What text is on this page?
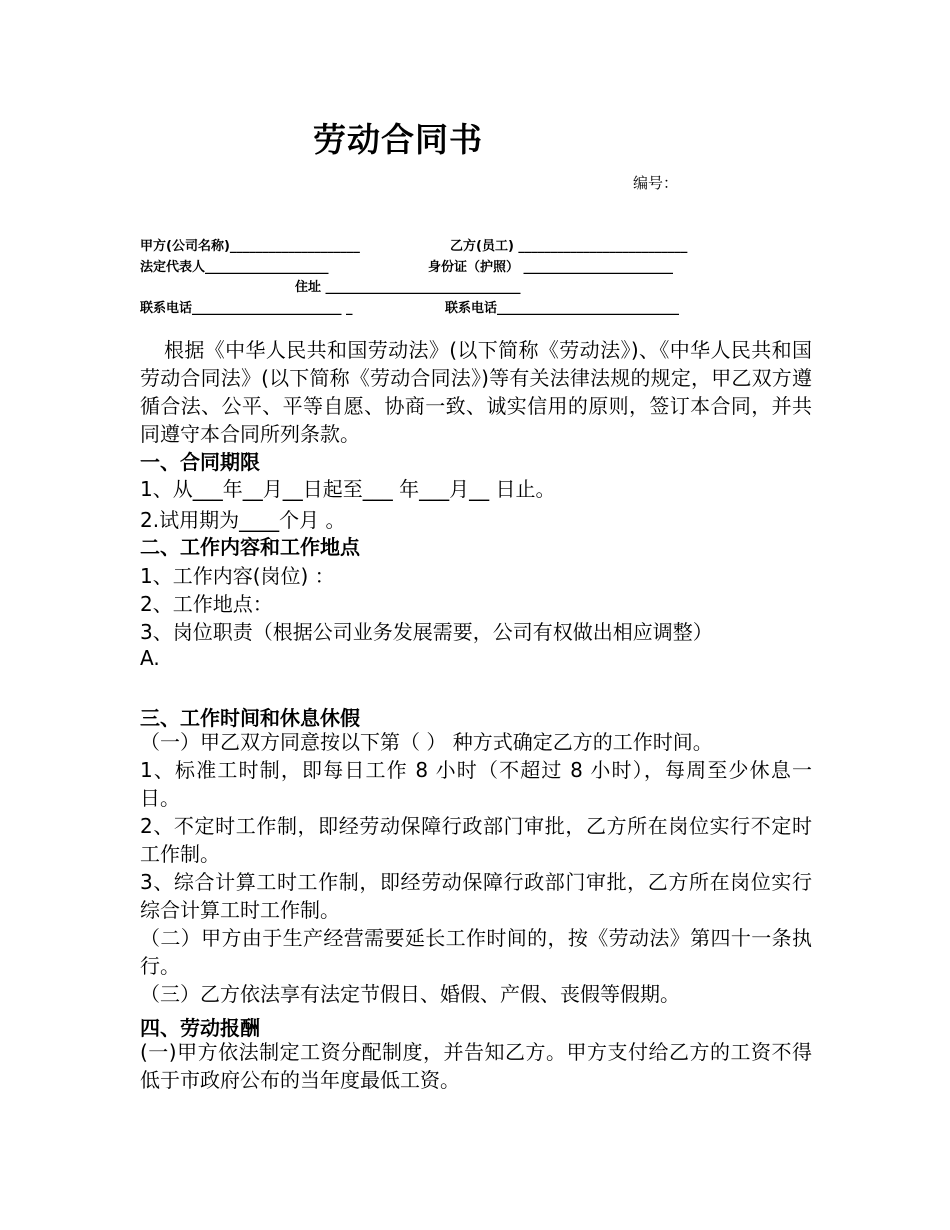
劳动合同书
编号：
甲方(公司名称)____________________	乙方(员工) __________________________
法定代表人___________________	身份证（护照） _______________________
住址 ______________________________
联系电话_______________________ _	联系电话____________________________

根据《中华人民共和国劳动法》(以下简称《劳动法》)、《中华人民共和国劳动合同法》(以下简称《劳动合同法》)等有关法律法规的规定，甲乙双方遵循合法、公平、平等自愿、协商一致、诚实信用的原则，签订本合同，并共同遵守本合同所列条款。

一、合同期限
1、从___年__月__日起至___ 年___月__ 日止。
2.试用期为____个月 。
二、工作内容和工作地点
1、工作内容(岗位) ：
2、工作地点：
3、岗位职责（根据公司业务发展需要，公司有权做出相应调整）
A.
三、工作时间和休息休假

（一）甲乙双方同意按以下第（ ） 种方式确定乙方的工作时间。

1、标准工时制，即每日工作 8 小时（不超过 8 小时），每周至少休息一日。

2、不定时工作制，即经劳动保障行政部门审批，乙方所在岗位实行不定时工作制。

3、综合计算工时工作制，即经劳动保障行政部门审批，乙方所在岗位实行综合计算工时工作制。

（二）甲方由于生产经营需要延长工作时间的，按《劳动法》第四十一条执行。

（三）乙方依法享有法定节假日、婚假、产假、丧假等假期。

四、劳动报酬

(一)甲方依法制定工资分配制度，并告知乙方。甲方支付给乙方的工资不得低于市政府公布的当年度最低工资。
